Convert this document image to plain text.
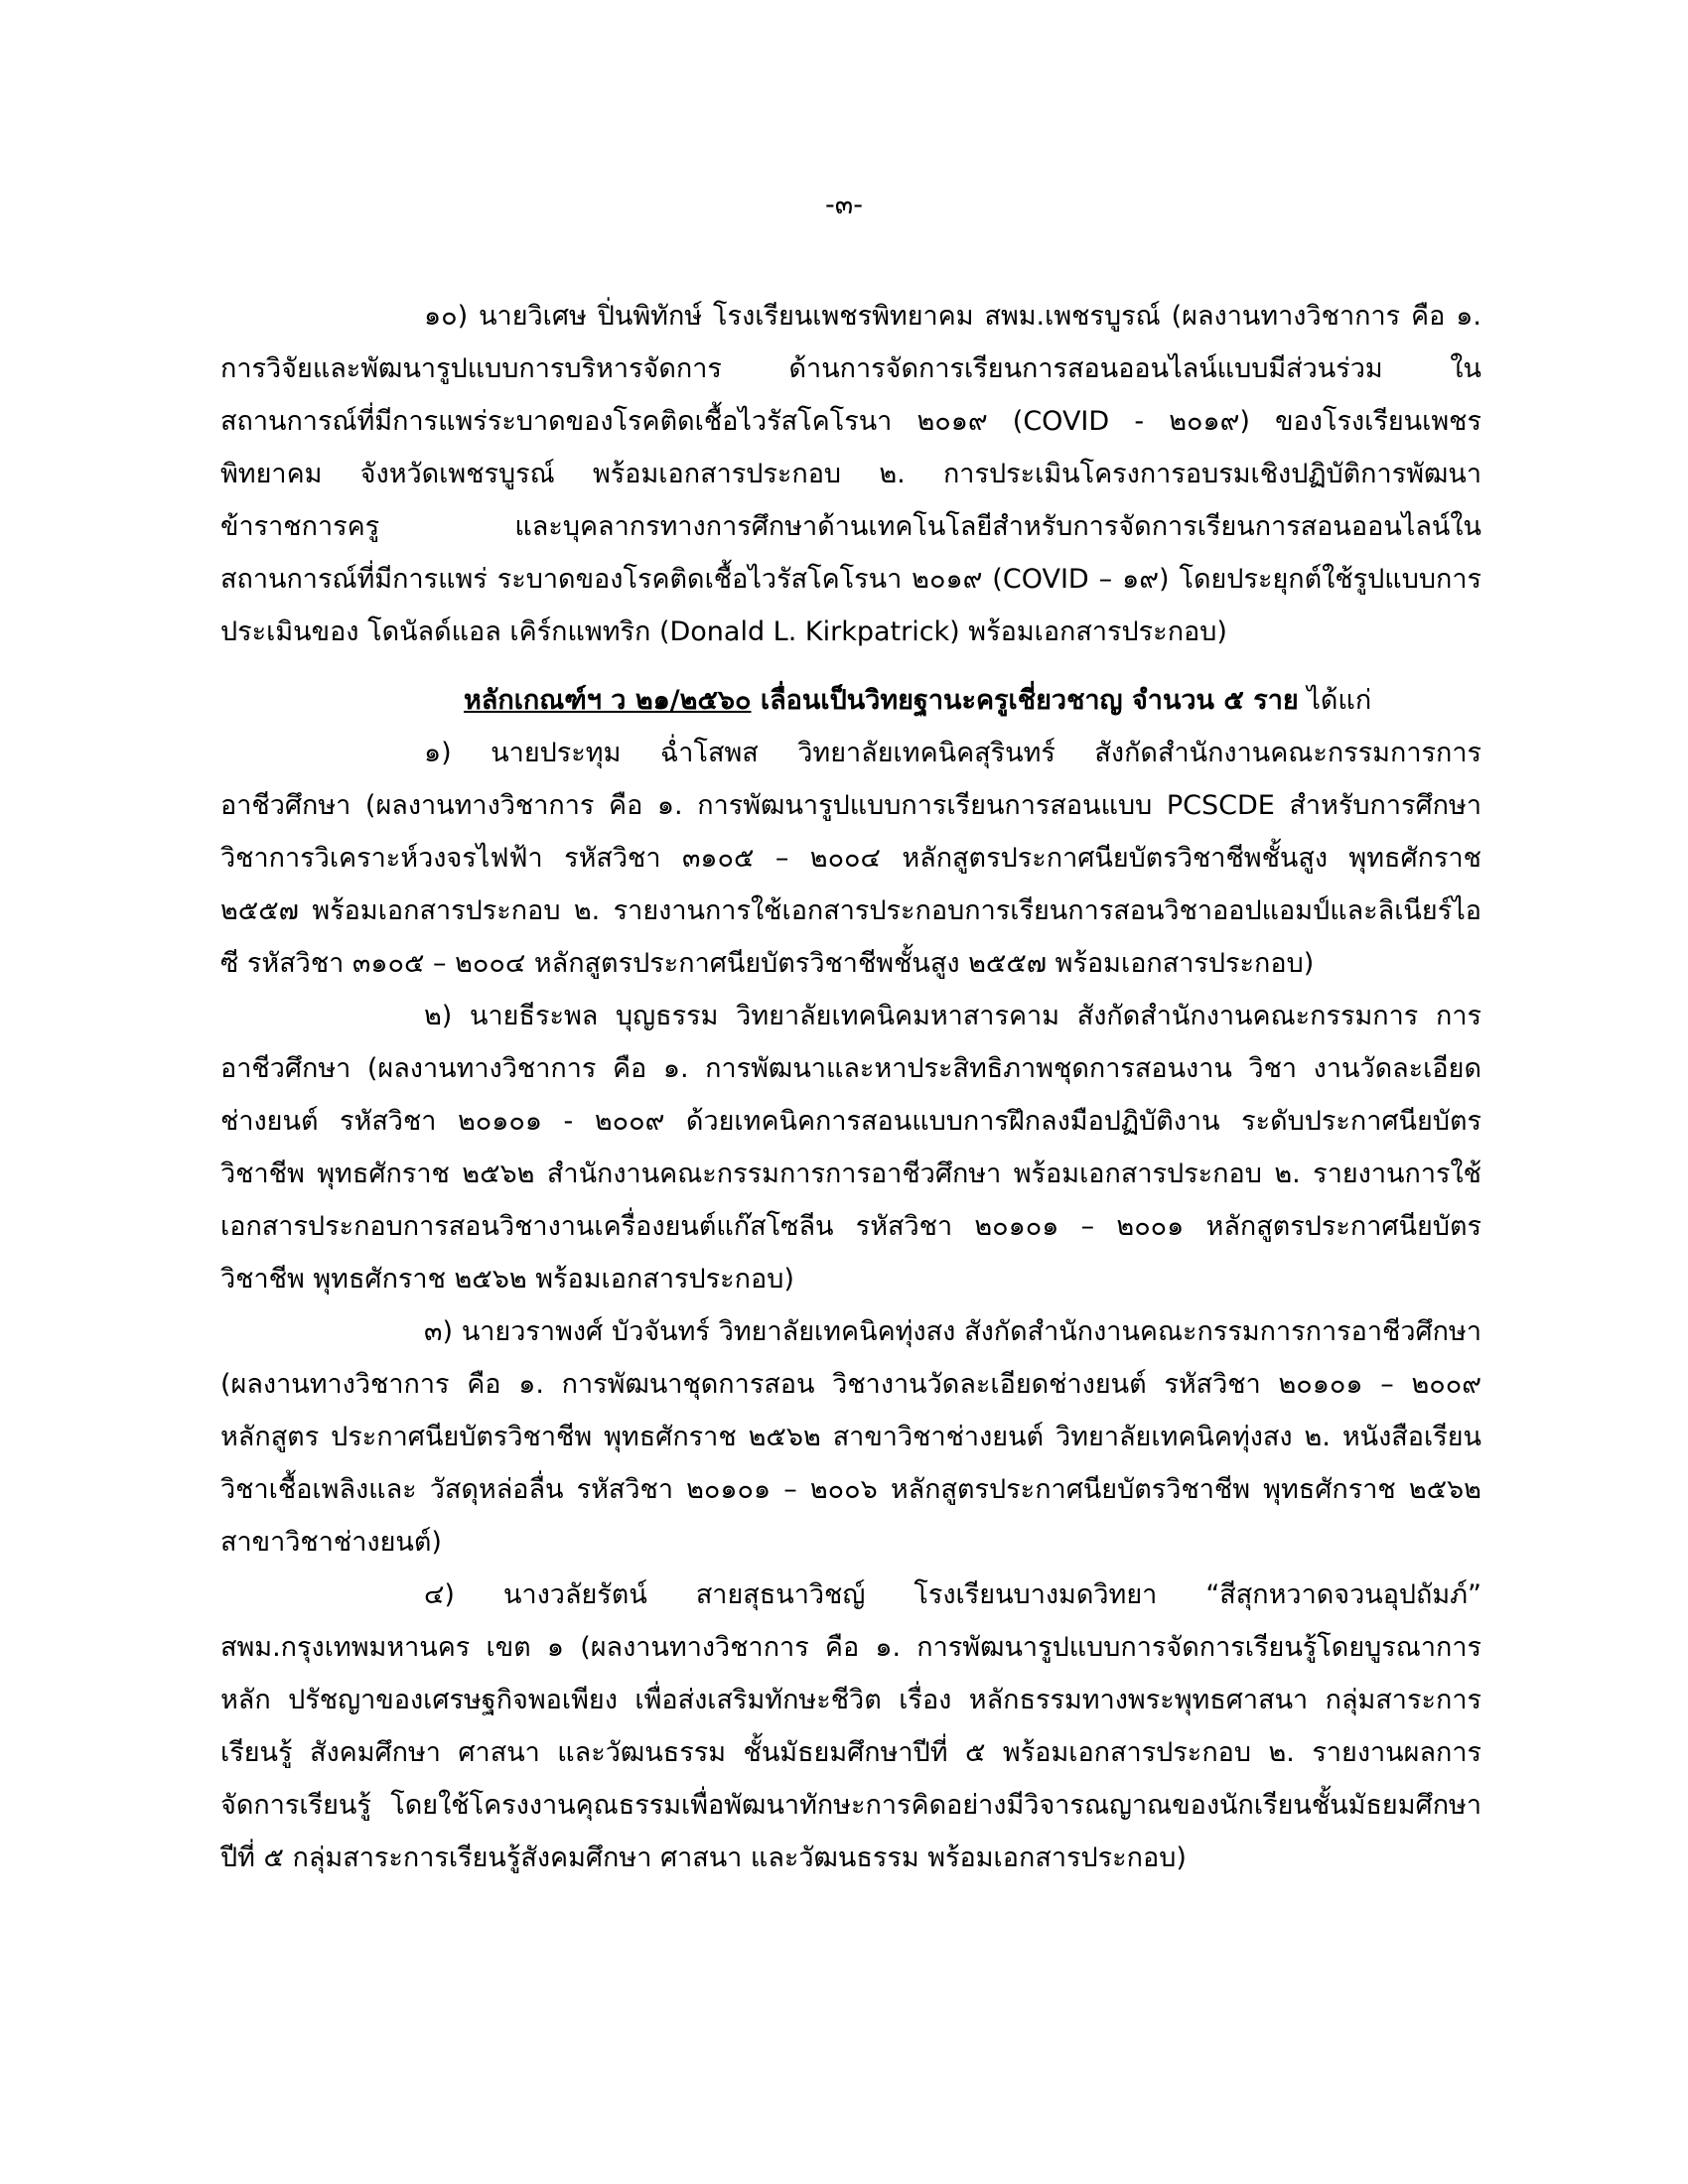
-๓-

๑๐) นายวิเศษ ปิ่นพิทักษ์ โรงเรียนเพชรพิทยาคม สพม.เพชรบูรณ์ (ผลงานทางวิชาการ คือ ๑. การวิจัยและพัฒนารูปแบบการบริหารจัดการ ด้านการจัดการเรียนการสอนออนไลน์แบบมีส่วนร่วม ในสถานการณ์ที่มีการแพร่ระบาดของโรคติดเชื้อไวรัสโคโรนา ๒๐๑๙ (COVID - ๒๐๑๙) ของโรงเรียนเพชรพิทยาคม จังหวัดเพชรบูรณ์ พร้อมเอกสารประกอบ ๒. การประเมินโครงการอบรมเชิงปฏิบัติการพัฒนาข้าราชการครู และบุคลากรทางการศึกษาด้านเทคโนโลยีสำหรับการจัดการเรียนการสอนออนไลน์ในสถานการณ์ที่มีการแพร่ ระบาดของโรคติดเชื้อไวรัสโคโรนา ๒๐๑๙ (COVID – ๑๙) โดยประยุกต์ใช้รูปแบบการประเมินของ โดนัลด์แอล เคิร์กแพทริก (Donald L. Kirkpatrick) พร้อมเอกสารประกอบ)

หลักเกณฑ์ฯ ว ๒๑/๒๕๖๐ เลื่อนเป็นวิทยฐานะครูเชี่ยวชาญ จำนวน ๕ ราย ได้แก่

๑) นายประทุม ฉ่ำโสพส วิทยาลัยเทคนิคสุรินทร์ สังกัดสำนักงานคณะกรรมการการอาชีวศึกษา (ผลงานทางวิชาการ คือ ๑. การพัฒนารูปแบบการเรียนการสอนแบบ PCSCDE สำหรับการศึกษา วิชาการวิเคราะห์วงจรไฟฟ้า รหัสวิชา ๓๑๐๕ – ๒๐๐๔ หลักสูตรประกาศนียบัตรวิชาชีพชั้นสูง พุทธศักราช ๒๕๕๗ พร้อมเอกสารประกอบ ๒. รายงานการใช้เอกสารประกอบการเรียนการสอนวิชาออปแอมป์และลิเนียร์ไอซี รหัสวิชา ๓๑๐๕ – ๒๐๐๔ หลักสูตรประกาศนียบัตรวิชาชีพชั้นสูง ๒๕๕๗ พร้อมเอกสารประกอบ)

๒) นายธีระพล บุญธรรม วิทยาลัยเทคนิคมหาสารคาม สังกัดสำนักงานคณะกรรมการ การอาชีวศึกษา (ผลงานทางวิชาการ คือ ๑. การพัฒนาและหาประสิทธิภาพชุดการสอนงาน วิชา งานวัดละเอียด ช่างยนต์ รหัสวิชา ๒๐๑๐๑ - ๒๐๐๙ ด้วยเทคนิคการสอนแบบการฝึกลงมือปฏิบัติงาน ระดับประกาศนียบัตร วิชาชีพ พุทธศักราช ๒๕๖๒ สำนักงานคณะกรรมการการอาชีวศึกษา พร้อมเอกสารประกอบ ๒. รายงานการใช้ เอกสารประกอบการสอนวิชางานเครื่องยนต์แก๊สโซลีน รหัสวิชา ๒๐๑๐๑ – ๒๐๐๑ หลักสูตรประกาศนียบัตร วิชาชีพ พุทธศักราช ๒๕๖๒ พร้อมเอกสารประกอบ)

๓) นายวราพงศ์ บัวจันทร์ วิทยาลัยเทคนิคทุ่งสง สังกัดสำนักงานคณะกรรมการการอาชีวศึกษา (ผลงานทางวิชาการ คือ ๑. การพัฒนาชุดการสอน วิชางานวัดละเอียดช่างยนต์ รหัสวิชา ๒๐๑๐๑ – ๒๐๐๙ หลักสูตร ประกาศนียบัตรวิชาชีพ พุทธศักราช ๒๕๖๒ สาขาวิชาช่างยนต์ วิทยาลัยเทคนิคทุ่งสง ๒. หนังสือเรียนวิชาเชื้อเพลิงและ วัสดุหล่อลื่น รหัสวิชา ๒๐๑๐๑ – ๒๐๐๖ หลักสูตรประกาศนียบัตรวิชาชีพ พุทธศักราช ๒๕๖๒ สาขาวิชาช่างยนต์)

๔) นางวลัยรัตน์ สายสุธนาวิชญ์ โรงเรียนบางมดวิทยา “สีสุกหวาดจวนอุปถัมภ์” สพม.กรุงเทพมหานคร เขต ๑ (ผลงานทางวิชาการ คือ ๑. การพัฒนารูปแบบการจัดการเรียนรู้โดยบูรณาการหลัก ปรัชญาของเศรษฐกิจพอเพียง เพื่อส่งเสริมทักษะชีวิต เรื่อง หลักธรรมทางพระพุทธศาสนา กลุ่มสาระการเรียนรู้ สังคมศึกษา ศาสนา และวัฒนธรรม ชั้นมัธยมศึกษาปีที่ ๕ พร้อมเอกสารประกอบ ๒. รายงานผลการจัดการเรียนรู้ โดยใช้โครงงานคุณธรรมเพื่อพัฒนาทักษะการคิดอย่างมีวิจารณญาณของนักเรียนชั้นมัธยมศึกษาปีที่ ๕ กลุ่มสาระการเรียนรู้สังคมศึกษา ศาสนา และวัฒนธรรม พร้อมเอกสารประกอบ)
